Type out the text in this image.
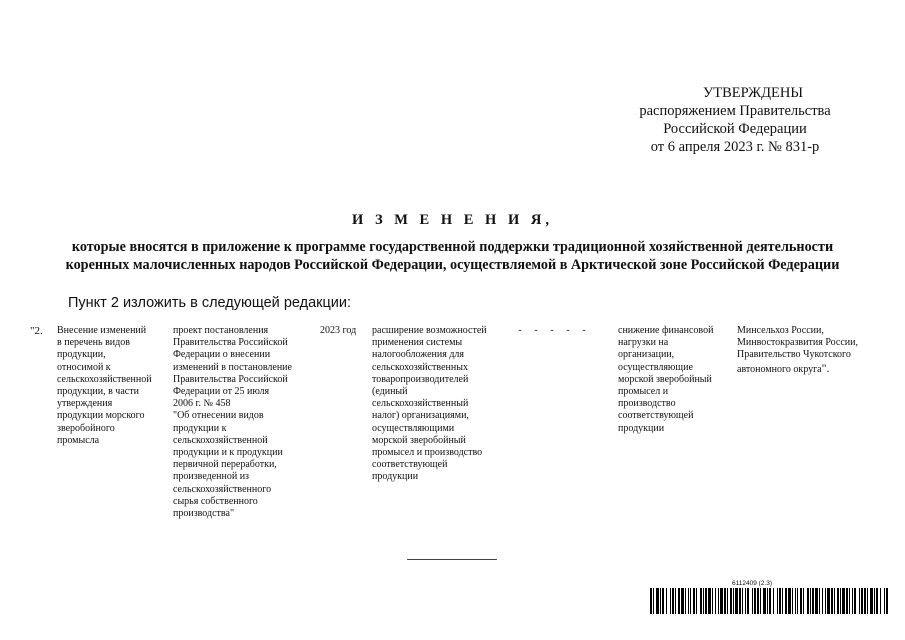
УТВЕРЖДЕНЫ
распоряжением Правительства
Российской Федерации
от 6 апреля 2023 г. № 831-р
И З М Е Н Е Н И Я,
которые вносятся в приложение к программе государственной поддержки традиционной хозяйственной деятельности
коренных малочисленных народов Российской Федерации, осуществляемой в Арктической зоне Российской Федерации
Пункт 2 изложить в следующей редакции:
"2. Внесение изменений
в перечень видов
продукции,
относимой к
сельскохозяйственной
продукции, в части
утверждения
продукции морского
зверобойного
промысла
проект постановления
Правительства Российской
Федерации о внесении
изменений в постановление
Правительства Российской
Федерации от 25 июля
2006 г. № 458
"Об отнесении видов
продукции к
сельскохозяйственной
продукции и к продукции
первичной переработки,
произведенной из
сельскохозяйственного
сырья собственного
производства"
2023 год	расширение возможностей
применения системы
налогообложения для
сельскохозяйственных
товаропроизводителей
(единый
сельскохозяйственный
налог) организациями,
осуществляющими
морской зверобойный
промысел и производство
соответствующей
продукции
- - - - -	снижение финансовой
нагрузки на
организации,
осуществляющие
морской зверобойный
промысел и
производство
соответствующей
продукции
Минсельхоз России,
Минвостокразвития России,
Правительство Чукотского
автономного округа".
6112409 (2.3)
